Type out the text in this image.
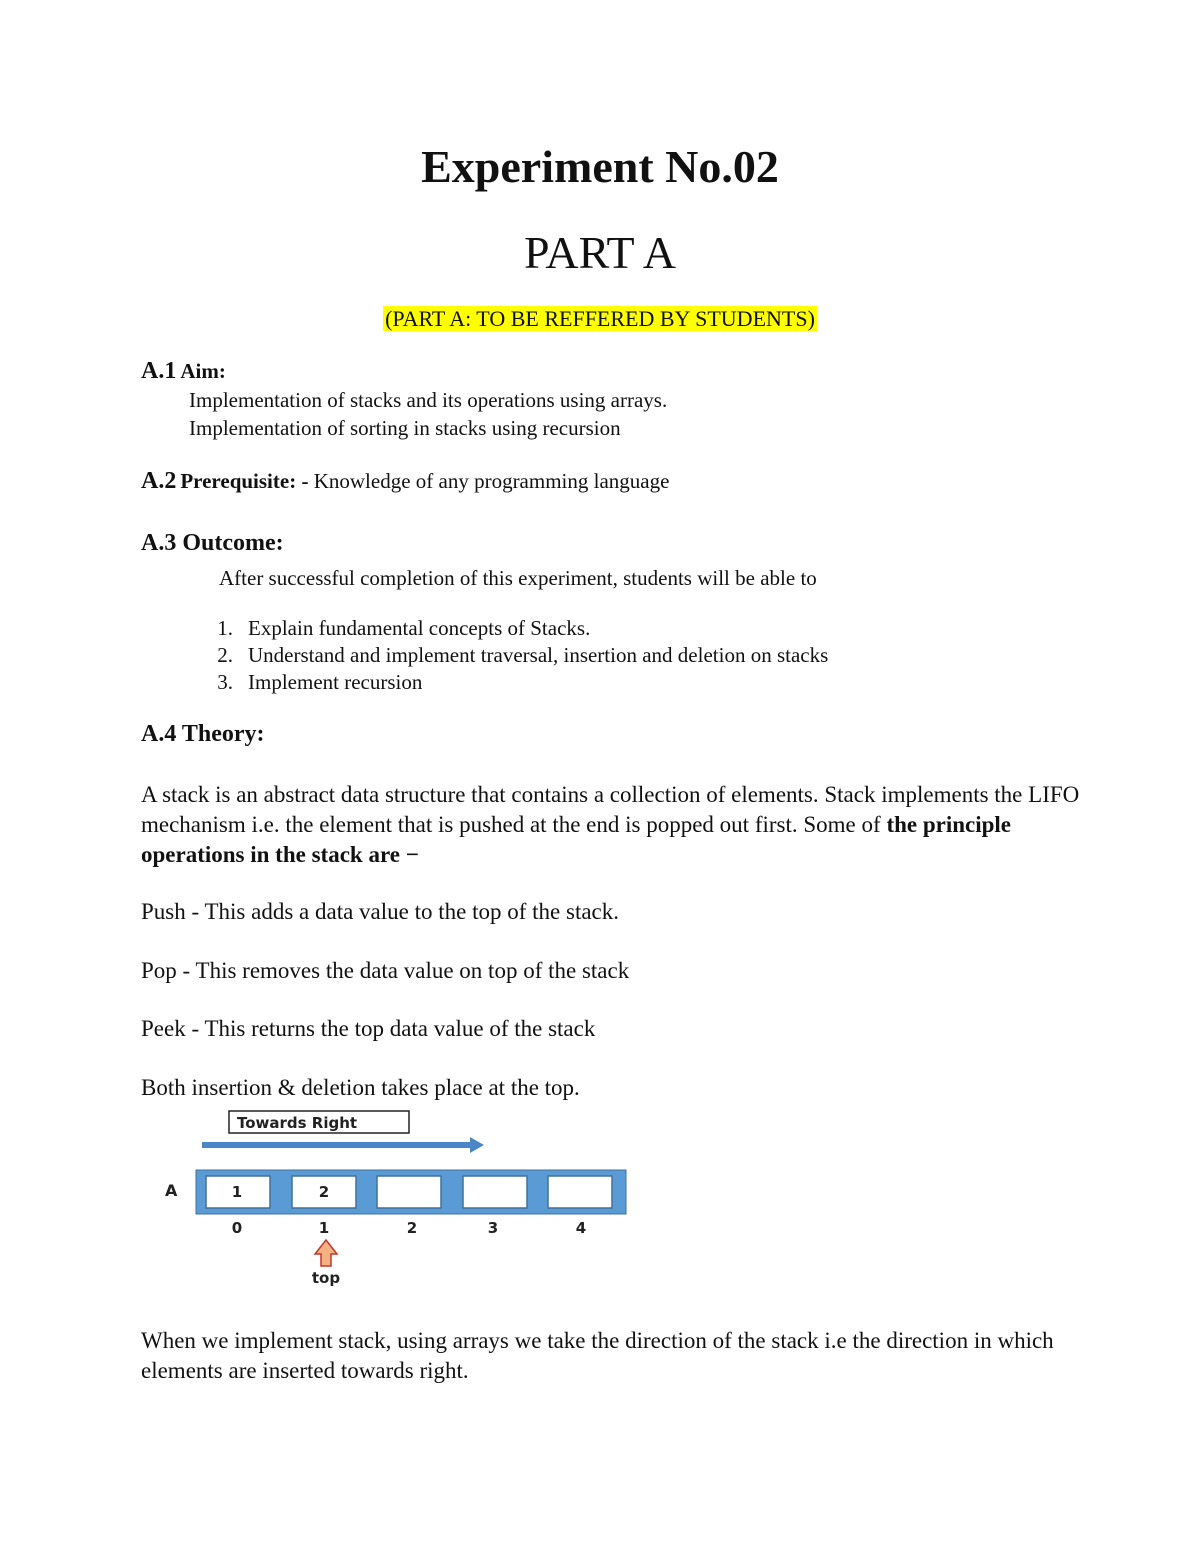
Experiment No.02
PART A
(PART A: TO BE REFFERED BY STUDENTS)
A.1 Aim:
Implementation of stacks and its operations using arrays.
Implementation of sorting in stacks using recursion
A.2 Prerequisite: - Knowledge of any programming language
A.3 Outcome:
After successful completion of this experiment, students will be able to
1. Explain fundamental concepts of Stacks.
2. Understand and implement traversal, insertion and deletion on stacks
3. Implement recursion
A.4 Theory:
A stack is an abstract data structure that contains a collection of elements. Stack implements the LIFO mechanism i.e. the element that is pushed at the end is popped out first. Some of the principle operations in the stack are −
Push - This adds a data value to the top of the stack.
Pop - This removes the data value on top of the stack
Peek - This returns the top data value of the stack
Both insertion & deletion takes place at the top.
Towards Right
A	1	2
0	1	2	3	4
top
When we implement stack, using arrays we take the direction of the stack i.e the direction in which elements are inserted towards right.
